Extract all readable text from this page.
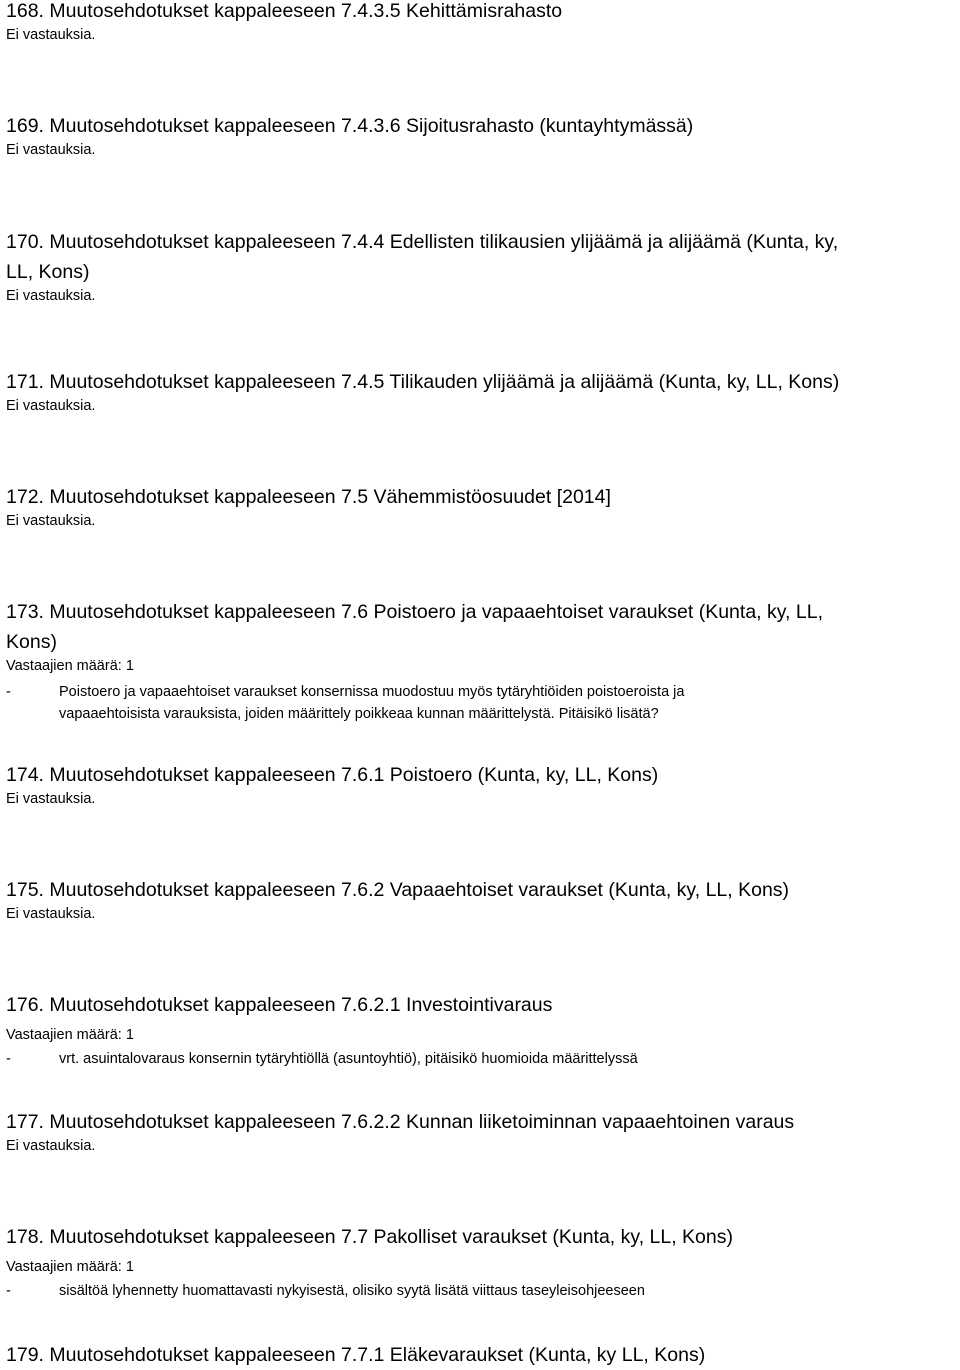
168. Muutosehdotukset kappaleeseen 7.4.3.5 Kehittämisrahasto

Ei vastauksia.

169. Muutosehdotukset kappaleeseen 7.4.3.6 Sijoitusrahasto (kuntayhtymässä)

Ei vastauksia.

170. Muutosehdotukset kappaleeseen 7.4.4 Edellisten tilikausien ylijäämä ja alijäämä (Kunta, ky,

LL, Kons)

Ei vastauksia.

171. Muutosehdotukset kappaleeseen 7.4.5 Tilikauden ylijäämä ja alijäämä (Kunta, ky, LL, Kons)

Ei vastauksia.

172. Muutosehdotukset kappaleeseen 7.5 Vähemmistöosuudet [2014]

Ei vastauksia.

173. Muutosehdotukset kappaleeseen 7.6 Poistoero ja vapaaehtoiset varaukset (Kunta, ky, LL,

Kons)

Vastaajien määrä: 1

-	Poistoero ja vapaaehtoiset varaukset konsernissa muodostuu myös tytäryhtiöiden poistoeroista ja
vapaaehtoisista varauksista, joiden määrittely poikkeaa kunnan määrittelystä. Pitäisikö lisätä?

174. Muutosehdotukset kappaleeseen 7.6.1 Poistoero (Kunta, ky, LL, Kons)

Ei vastauksia.

175. Muutosehdotukset kappaleeseen 7.6.2 Vapaaehtoiset varaukset (Kunta, ky, LL, Kons)

Ei vastauksia.

176. Muutosehdotukset kappaleeseen 7.6.2.1 Investointivaraus

Vastaajien määrä: 1

-	vrt. asuintalovaraus konsernin tytäryhtiöllä (asuntoyhtiö), pitäisikö huomioida määrittelyssä

177. Muutosehdotukset kappaleeseen 7.6.2.2 Kunnan liiketoiminnan vapaaehtoinen varaus

Ei vastauksia.

178. Muutosehdotukset kappaleeseen 7.7 Pakolliset varaukset (Kunta, ky, LL, Kons)

Vastaajien määrä: 1

-	sisältöä lyhennetty huomattavasti nykyisestä, olisiko syytä lisätä viittaus taseyleisohjeeseen

179. Muutosehdotukset kappaleeseen 7.7.1 Eläkevaraukset (Kunta, ky LL, Kons)
